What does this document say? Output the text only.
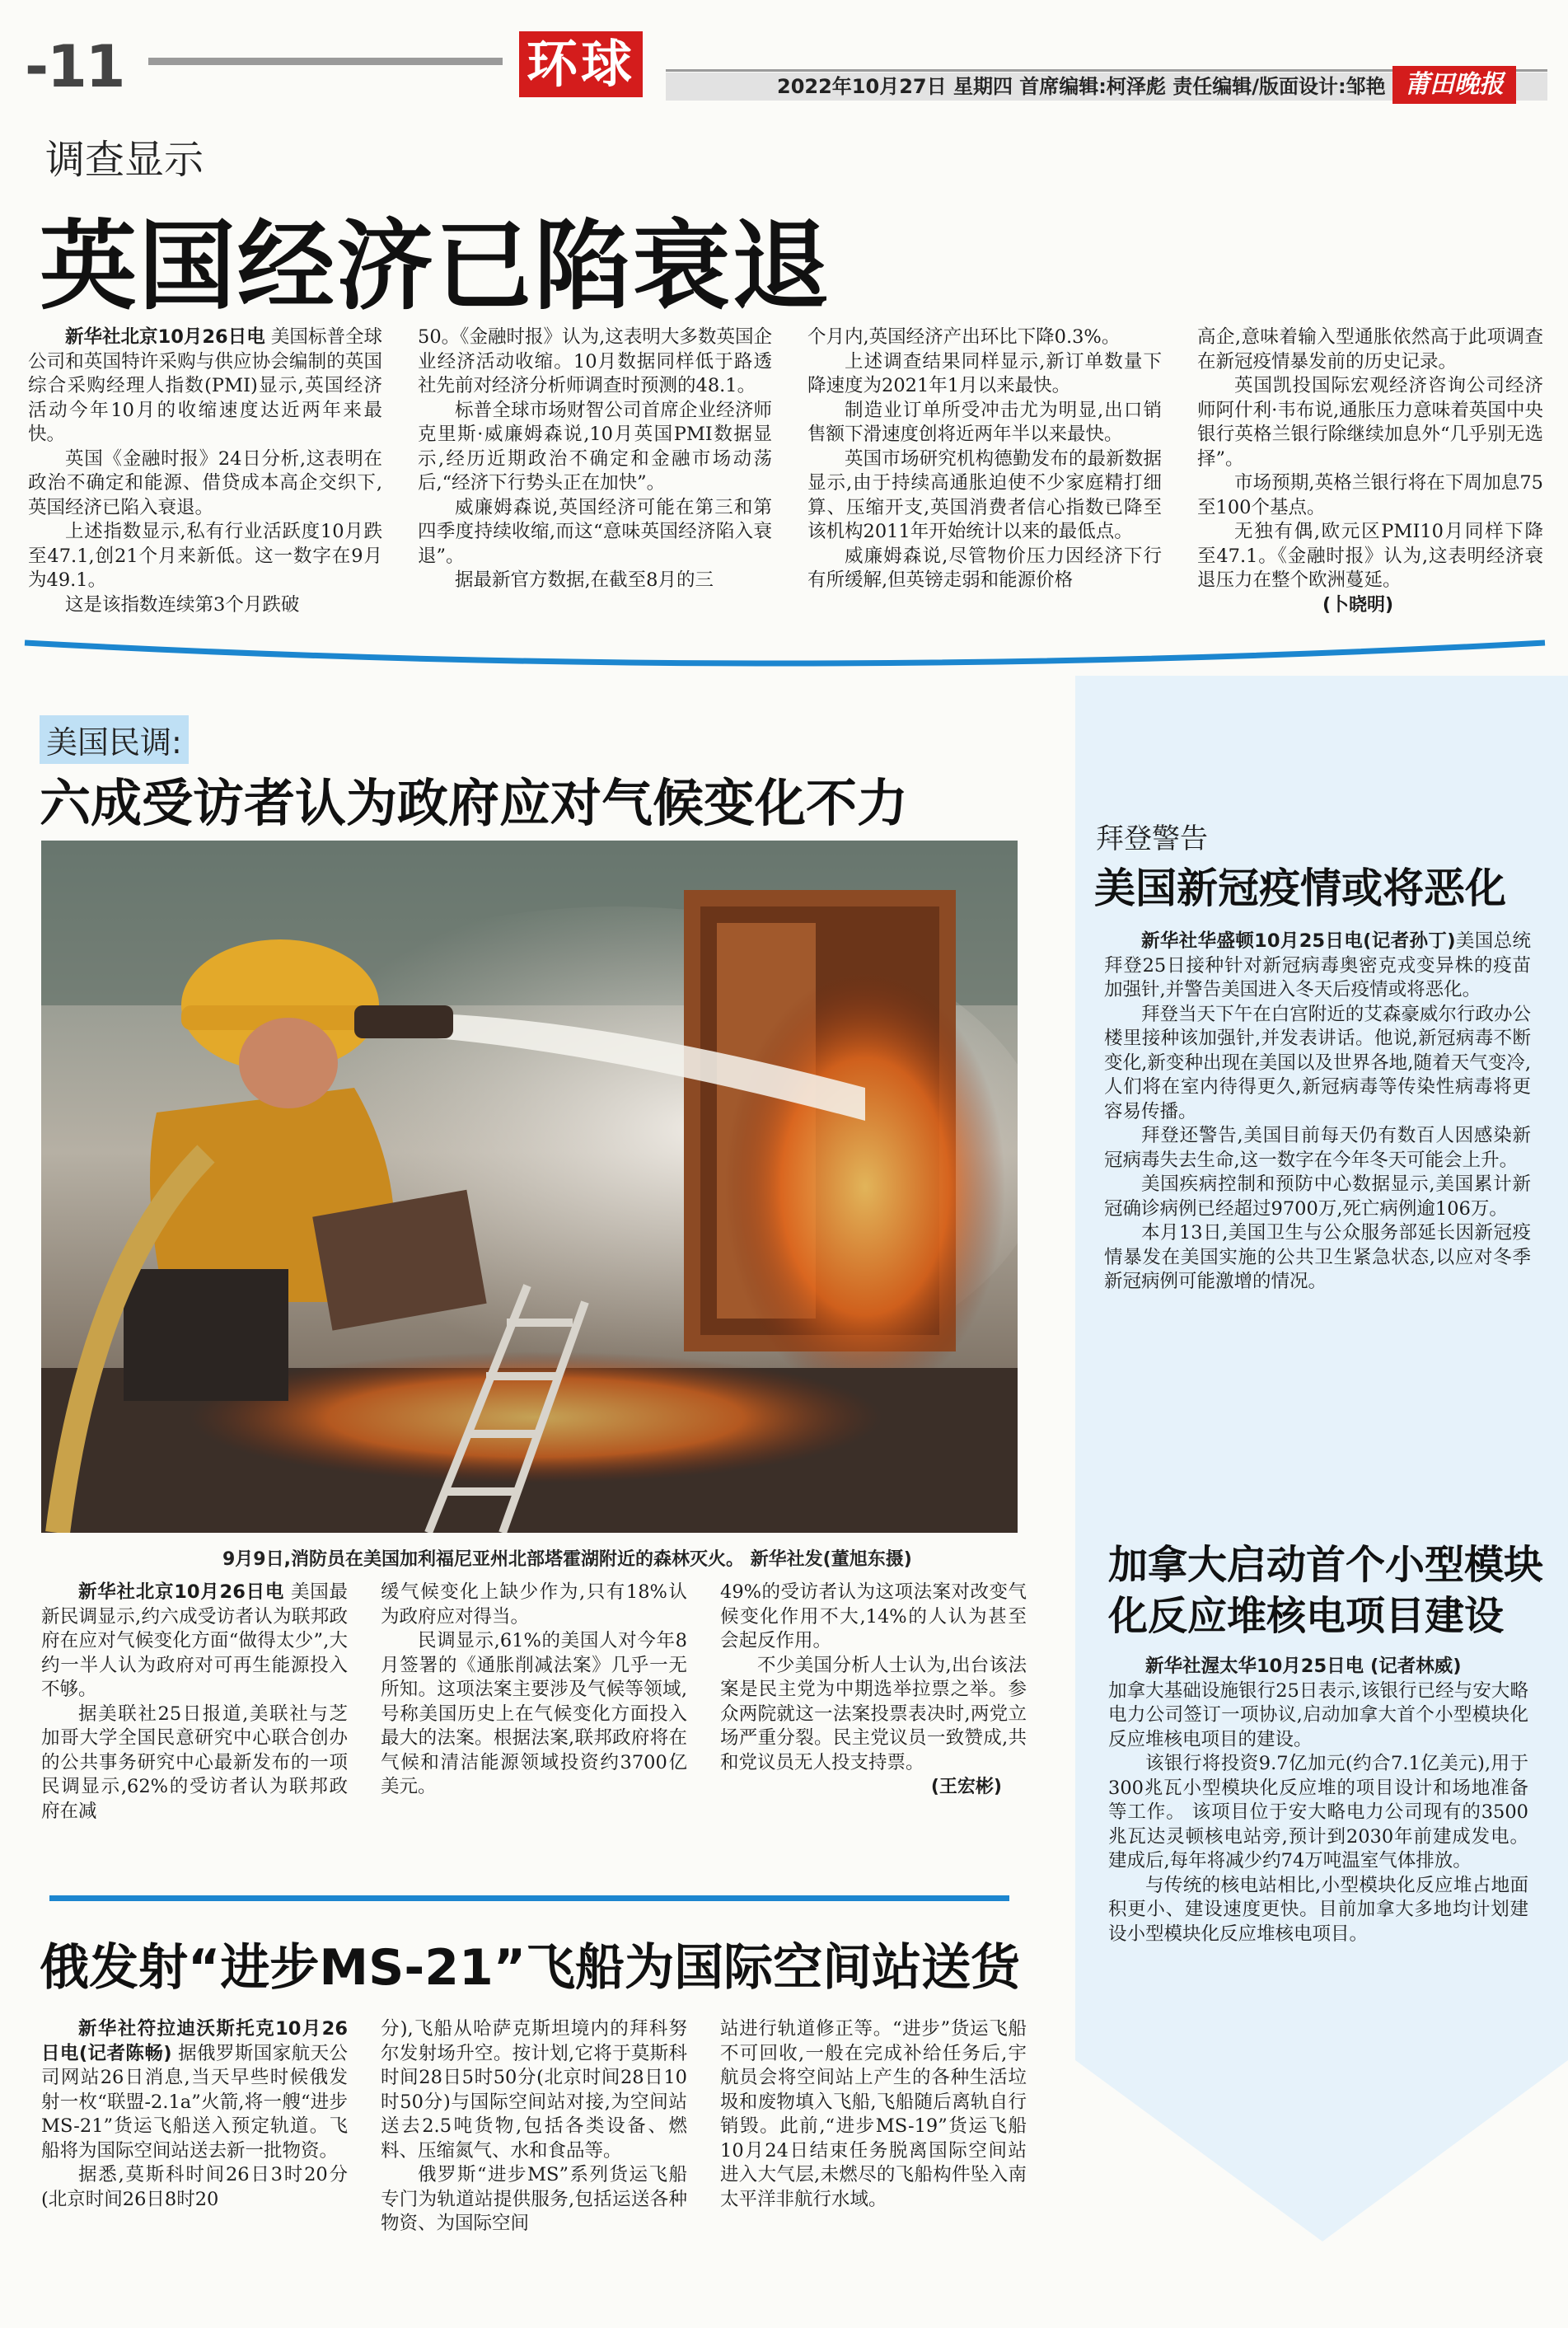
-11	环球	2022年10月27日 星期四 首席编辑:柯泽彪 责任编辑/版面设计:邹艳 莆田晚报
调查显示
英国经济已陷衰退

新华社北京10月26日电 美国标普全球公司和英国特许采购与供应协会编制的英国综合采购经理人指数(PMI)显示,英国经济活动今年10月的收缩速度达近两年来最快。

英国《金融时报》24日分析,这表明在政治不确定和能源、借贷成本高企交织下,英国经济已陷入衰退。

上述指数显示,私有行业活跃度10月跌至47.1,创21个月来新低。这一数字在9月为49.1。

这是该指数连续第3个月跌破

50。《金融时报》认为,这表明大多数英国企业经济活动收缩。10月数据同样低于路透社先前对经济分析师调查时预测的48.1。

标普全球市场财智公司首席企业经济师克里斯·威廉姆森说,10月英国PMI数据显示,经历近期政治不确定和金融市场动荡后,“经济下行势头正在加快”。

威廉姆森说,英国经济可能在第三和第四季度持续收缩,而这“意味英国经济陷入衰退”。

据最新官方数据,在截至8月的三

个月内,英国经济产出环比下降0.3%。

上述调查结果同样显示,新订单数量下降速度为2021年1月以来最快。

制造业订单所受冲击尤为明显,出口销售额下滑速度创将近两年半以来最快。

英国市场研究机构德勤发布的最新数据显示,由于持续高通胀迫使不少家庭精打细算、压缩开支,英国消费者信心指数已降至该机构2011年开始统计以来的最低点。

威廉姆森说,尽管物价压力因经济下行有所缓解,但英镑走弱和能源价格

高企,意味着输入型通胀依然高于此项调查在新冠疫情暴发前的历史记录。

英国凯投国际宏观经济咨询公司经济师阿什利·韦布说,通胀压力意味着英国中央银行英格兰银行除继续加息外“几乎别无选择”。

市场预期,英格兰银行将在下周加息75至100个基点。

无独有偶,欧元区PMI10月同样下降至47.1。《金融时报》认为,这表明经济衰退压力在整个欧洲蔓延。

(卜晓明)
拜登警告
美国新冠疫情或将恶化

新华社华盛顿10月25日电(记者孙丁)美国总统拜登25日接种针对新冠病毒奥密克戎变异株的疫苗加强针,并警告美国进入冬天后疫情或将恶化。

拜登当天下午在白宫附近的艾森豪威尔行政办公楼里接种该加强针,并发表讲话。他说,新冠病毒不断变化,新变种出现在美国以及世界各地,随着天气变冷,人们将在室内待得更久,新冠病毒等传染性病毒将更容易传播。

拜登还警告,美国目前每天仍有数百人因感染新冠病毒失去生命,这一数字在今年冬天可能会上升。

美国疾病控制和预防中心数据显示,美国累计新冠确诊病例已经超过9700万,死亡病例逾106万。

本月13日,美国卫生与公众服务部延长因新冠疫情暴发在美国实施的公共卫生紧急状态,以应对冬季新冠病例可能激增的情况。

加拿大启动首个小型模块
化反应堆核电项目建设

新华社渥太华10月25日电 (记者林威)

加拿大基础设施银行25日表示,该银行已经与安大略电力公司签订一项协议,启动加拿大首个小型模块化反应堆核电项目的建设。

该银行将投资9.7亿加元(约合7.1亿美元),用于300兆瓦小型模块化反应堆的项目设计和场地准备等工作。 该项目位于安大略电力公司现有的3500兆瓦达灵顿核电站旁,预计到2030年前建成发电。建成后,每年将减少约74万吨温室气体排放。

与传统的核电站相比,小型模块化反应堆占地面积更小、建设速度更快。目前加拿大多地均计划建设小型模块化反应堆核电项目。

美国民调:
六成受访者认为政府应对气候变化不力
9月9日,消防员在美国加利福尼亚州北部塔霍湖附近的森林灭火。 新华社发(董旭东摄)

新华社北京10月26日电 美国最新民调显示,约六成受访者认为联邦政府在应对气候变化方面“做得太少”,大约一半人认为政府对可再生能源投入不够。

据美联社25日报道,美联社与芝加哥大学全国民意研究中心联合创办的公共事务研究中心最新发布的一项民调显示,62%的受访者认为联邦政府在减

缓气候变化上缺少作为,只有18%认为政府应对得当。

民调显示,61%的美国人对今年8月签署的《通胀削减法案》几乎一无所知。这项法案主要涉及气候等领域,号称美国历史上在气候变化方面投入最大的法案。根据法案,联邦政府将在气候和清洁能源领域投资约3700亿美元。

49%的受访者认为这项法案对改变气候变化作用不大,14%的人认为甚至会起反作用。

不少美国分析人士认为,出台该法案是民主党为中期选举拉票之举。参众两院就这一法案投票表决时,两党立场严重分裂。民主党议员一致赞成,共和党议员无人投支持票。

(王宏彬)
俄发射“进步MS-21”飞船为国际空间站送货

新华社符拉迪沃斯托克10月26日电(记者陈畅) 据俄罗斯国家航天公司网站26日消息,当天早些时候俄发射一枚“联盟-2.1a”火箭,将一艘“进步MS-21”货运飞船送入预定轨道。飞船将为国际空间站送去新一批物资。

据悉,莫斯科时间26日3时20分(北京时间26日8时20

分),飞船从哈萨克斯坦境内的拜科努尔发射场升空。按计划,它将于莫斯科时间28日5时50分(北京时间28日10时50分)与国际空间站对接,为空间站送去2.5吨货物,包括各类设备、燃料、压缩氮气、水和食品等。

俄罗斯“进步MS”系列货运飞船专门为轨道站提供服务,包括运送各种物资、为国际空间

站进行轨道修正等。“进步”货运飞船不可回收,一般在完成补给任务后,宇航员会将空间站上产生的各种生活垃圾和废物填入飞船,飞船随后离轨自行销毁。此前,“进步MS-19”货运飞船10月24日结束任务脱离国际空间站进入大气层,未燃尽的飞船构件坠入南太平洋非航行水域。
